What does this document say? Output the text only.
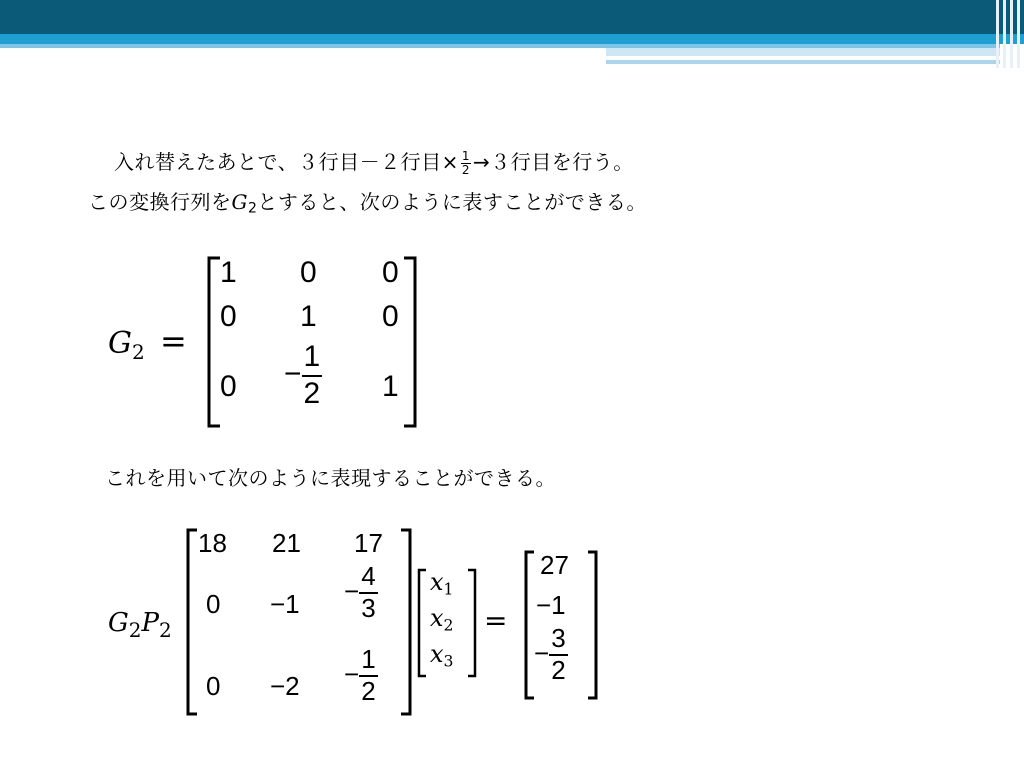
入れ替えたあとで、３行目－２行目× $\frac{1}{2} \to 3$行目を行う。
この変換行列を$G_2$とすると、次のように表すことができる。
$G_2$ =
1 0 0
0 1 0
$0 - \frac{1}{2} 1$
これを用いて次のように表現することができる。
$G_2P_2$
18 21 17
$0 -1 - \frac{4}{3}$
$0 -2 - \frac{1}{2}$
x1
x2
x3
=
27
−1
− $\frac{3}{2}$
